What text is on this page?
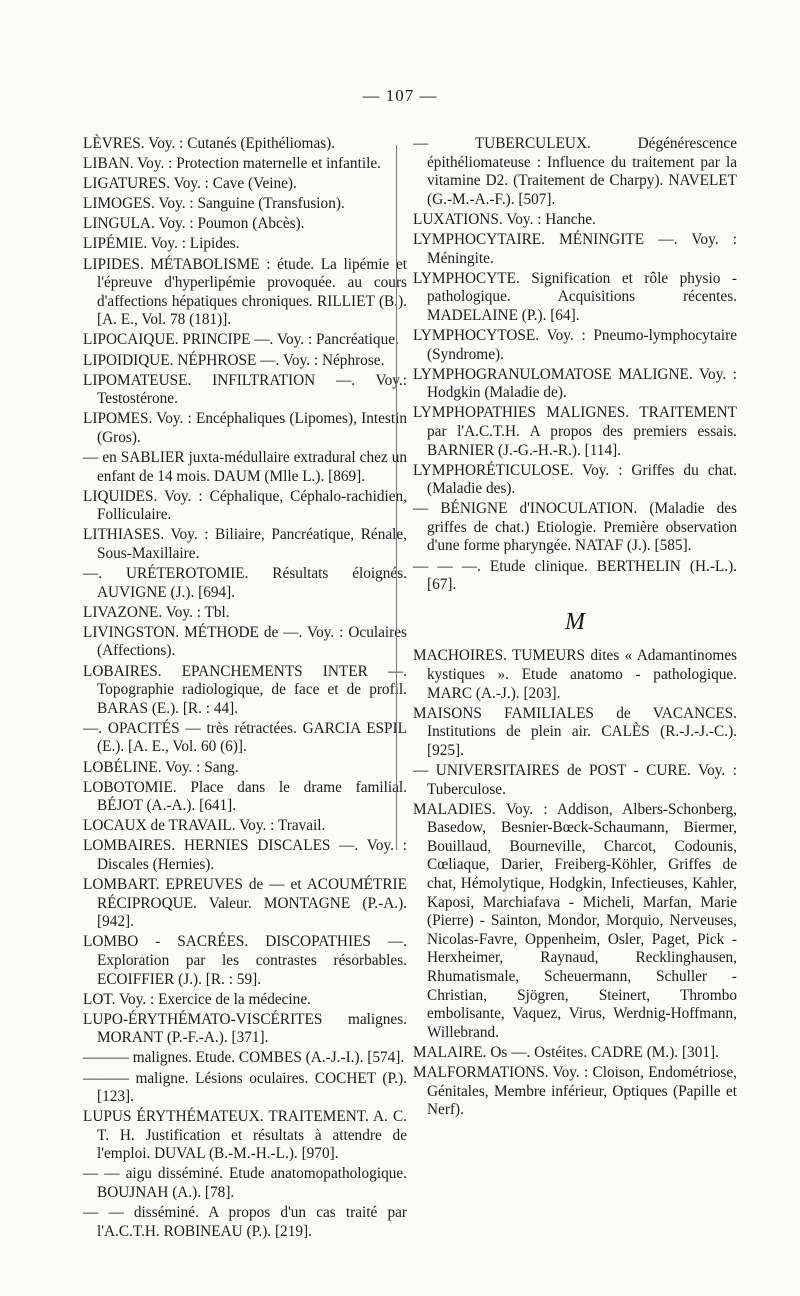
— 107 —

LÈVRES. Voy. : Cutanés (Epithéliomas).

LIBAN. Voy. : Protection maternelle et infantile.

LIGATURES. Voy. : Cave (Veine).

LIMOGES. Voy. : Sanguine (Transfusion).

LINGULA. Voy. : Poumon (Abcès).

LIPÉMIE. Voy. : Lipides.

LIPIDES. MÉTABOLISME : étude. La lipémie et l'épreuve d'hyperlipémie provoquée. au cours d'affections hépatiques chroniques. RILLIET (B.). [A. E., Vol. 78 (181)].

LIPOCAIQUE. PRINCIPE —. Voy. : Pancréatique.

LIPOIDIQUE. NÉPHROSE —. Voy. : Néphrose.

LIPOMATEUSE. INFILTRATION —. Voy.: Testostérone.

LIPOMES. Voy. : Encéphaliques (Lipomes), Intestin (Gros).

— en SABLIER juxta-médullaire extradural chez un enfant de 14 mois. DAUM (Mlle L.). [869].

LIQUIDES. Voy. : Céphalique, Céphalo-rachidien, Folliculaire.

LITHIASES. Voy. : Biliaire, Pancréatique, Rénale, Sous-Maxillaire.

—. URÉTEROTOMIE. Résultats éloignés. AUVIGNE (J.). [694].

LIVAZONE. Voy. : Tbl.

LIVINGSTON. MÉTHODE de —. Voy. : Oculaires (Affections).

LOBAIRES. EPANCHEMENTS INTER —. Topographie radiologique, de face et de profil. BARAS (E.). [R. : 44].

—. OPACITÉS — très rétractées. GARCIA ESPIL (E.). [A. E., Vol. 60 (6)].

LOBÉLINE. Voy. : Sang.

LOBOTOMIE. Place dans le drame familial. BÉJOT (A.-A.). [641].

LOCAUX de TRAVAIL. Voy. : Travail.

LOMBAIRES. HERNIES DISCALES —. Voy. : Discales (Hernies).

LOMBART. EPREUVES de — et ACOUMÉTRIE RÉCIPROQUE. Valeur. MONTAGNE (P.-A.). [942].

LOMBO - SACRÉES. DISCOPATHIES —. Exploration par les contrastes résorbables. ECOIFFIER (J.). [R. : 59].

LOT. Voy. : Exercice de la médecine.

LUPO-ÉRYTHÉMATO-VISCÉRITES malignes. MORANT (P.-F.-A.). [371].

——— malignes. Etude. COMBES (A.-J.-I.). [574].

——— maligne. Lésions oculaires. COCHET (P.). [123].

LUPUS ÉRYTHÉMATEUX. TRAITEMENT. A. C. T. H. Justification et résultats à attendre de l'emploi. DUVAL (B.-M.-H.-L.). [970].

— — aigu disséminé. Etude anatomopathologique. BOUJNAH (A.). [78].

— — disséminé. A propos d'un cas traité par l'A.C.T.H. ROBINEAU (P.). [219].

— TUBERCULEUX. Dégénérescence épithéliomateuse : Influence du traitement par la vitamine D2. (Traitement de Charpy). NAVELET (G.-M.-A.-F.). [507].

LUXATIONS. Voy. : Hanche.

LYMPHOCYTAIRE. MÉNINGITE —. Voy. : Méningite.

LYMPHOCYTE. Signification et rôle physio - pathologique. Acquisitions récentes. MADELAINE (P.). [64].

LYMPHOCYTOSE. Voy. : Pneumo-lymphocytaire (Syndrome).

LYMPHOGRANULOMATOSE MALIGNE. Voy. : Hodgkin (Maladie de).

LYMPHOPATHIES MALIGNES. TRAITEMENT par l'A.C.T.H. A propos des premiers essais. BARNIER (J.-G.-H.-R.). [114].

LYMPHORÉTICULOSE. Voy. : Griffes du chat. (Maladie des).

— BÉNIGNE d'INOCULATION. (Maladie des griffes de chat.) Etiologie. Première observation d'une forme pharyngée. NATAF (J.). [585].

— — —. Etude clinique. BERTHELIN (H.-L.). [67].

M

MACHOIRES. TUMEURS dites « Adamantinomes kystiques ». Etude anatomo - pathologique. MARC (A.-J.). [203].

MAISONS FAMILIALES de VACANCES. Institutions de plein air. CALÈS (R.-J.-J.-C.). [925].

— UNIVERSITAIRES de POST - CURE. Voy. : Tuberculose.

MALADIES. Voy. : Addison, Albers-Schonberg, Basedow, Besnier-Bœck-Schaumann, Biermer, Bouillaud, Bourneville, Charcot, Codounis, Cœliaque, Darier, Freiberg-Köhler, Griffes de chat, Hémolytique, Hodgkin, Infectieuses, Kahler, Kaposi, Marchiafava - Micheli, Marfan, Marie (Pierre) - Sainton, Mondor, Morquio, Nerveuses, Nicolas-Favre, Oppenheim, Osler, Paget, Pick - Herxheimer, Raynaud, Recklinghausen, Rhumatismale, Scheuermann, Schuller - Christian, Sjögren, Steinert, Thrombo embolisante, Vaquez, Virus, Werdnig-Hoffmann, Willebrand.

MALAIRE. Os —. Ostéites. CADRE (M.). [301].

MALFORMATIONS. Voy. : Cloison, Endométriose, Génitales, Membre inférieur, Optiques (Papille et Nerf).
